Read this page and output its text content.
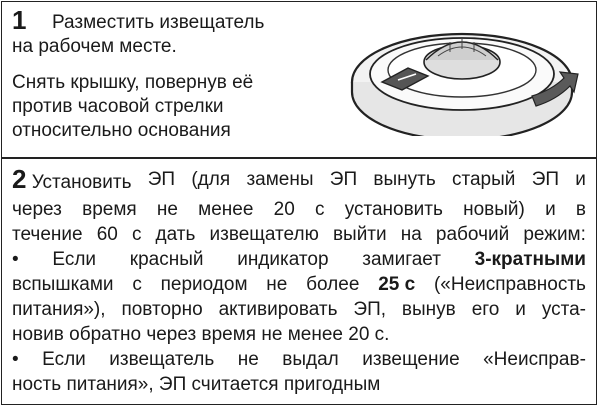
1 Разместить извещатель
на рабочем месте.
Снять крышку, повернув её
против часовой стрелки
относительно основания
2 Установить ЭП (для замены ЭП вынуть старый ЭП и
через время не менее 20 с установить новый) и в
течение 60 с дать извещателю выйти на рабочий режим:
• Если красный индикатор замигает 3-кратными
вспышками с периодом не более 25 с («Неисправность
питания»), повторно активировать ЭП, вынув его и уста-
новив обратно через время не менее 20 с.
• Если извещатель не выдал извещение «Неисправ-
ность питания», ЭП считается пригодным
